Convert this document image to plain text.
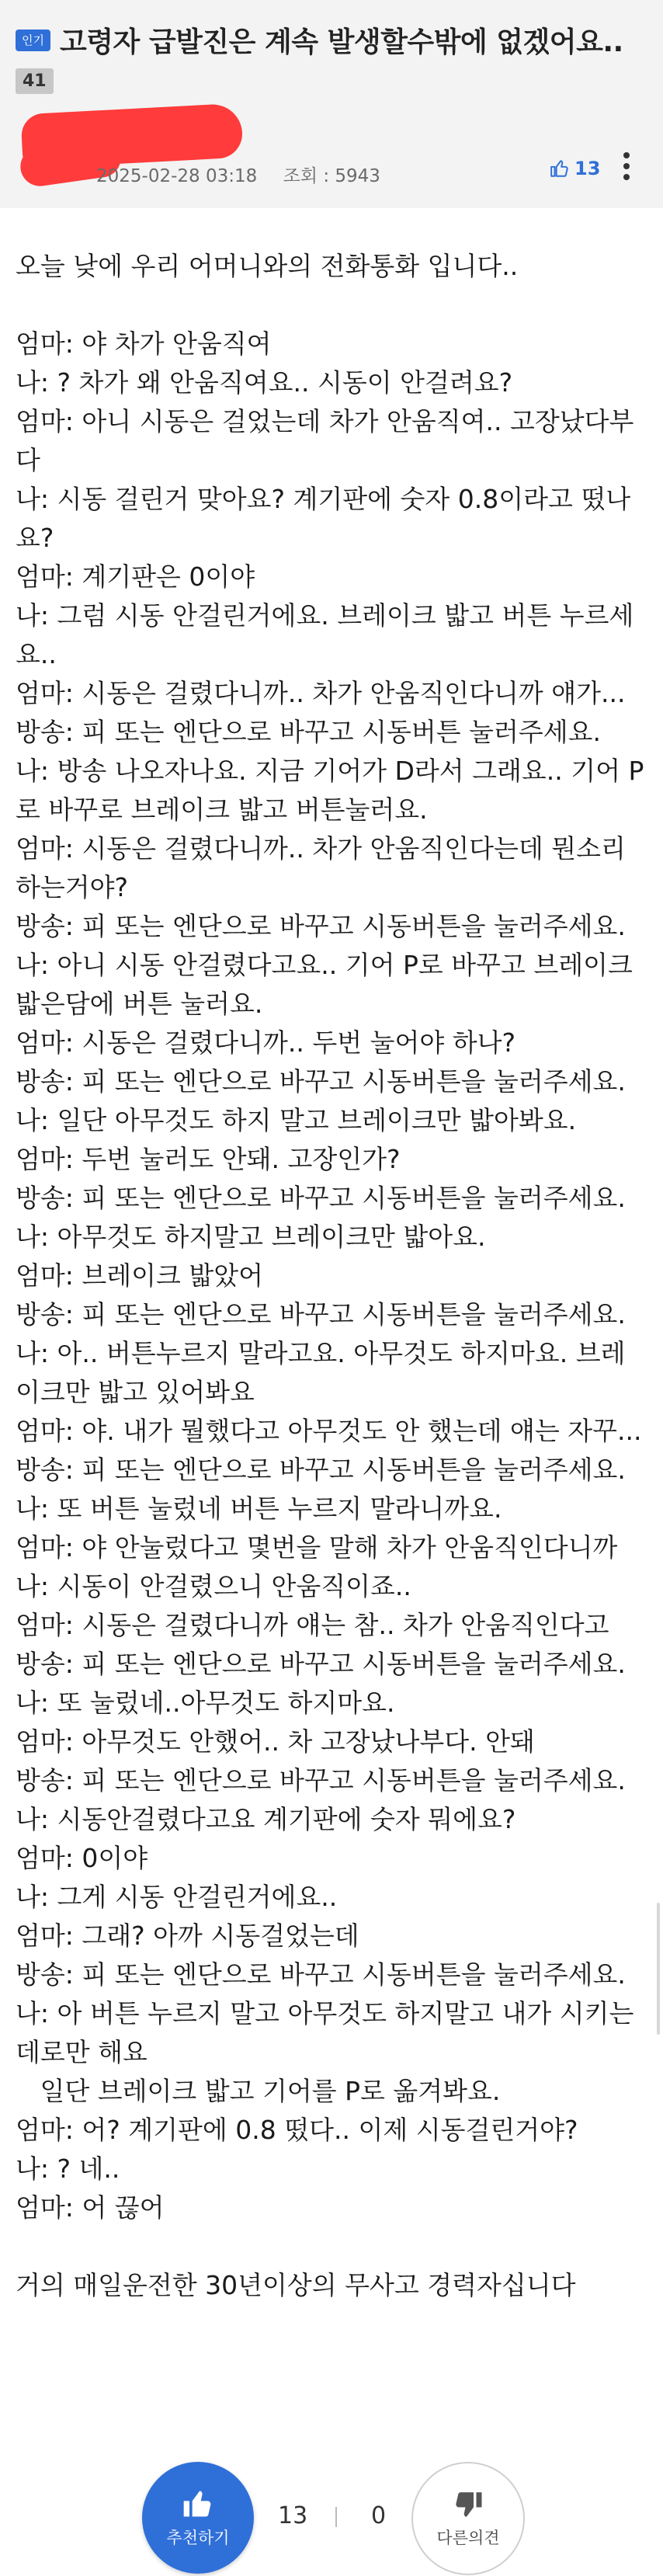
인기 고령자 급발진은 계속 발생할수밖에 없겠어요..
41
2025-02-28 03:18 조회 : 5943	13
오늘 낮에 우리 어머니와의 전화통화 입니다..
엄마: 야 차가 안움직여
나: ? 차가 왜 안움직여요.. 시동이 안걸려요?
엄마: 아니 시동은 걸었는데 차가 안움직여.. 고장났다부다
나: 시동 걸린거 맞아요? 계기판에 숫자 0.8이라고 떴나요?
엄마: 계기판은 0이야
나: 그럼 시동 안걸린거에요. 브레이크 밟고 버튼 누르세요..
엄마: 시동은 걸렸다니까.. 차가 안움직인다니까 얘가...
방송: 피 또는 엔단으로 바꾸고 시동버튼 눌러주세요.
나: 방송 나오자나요. 지금 기어가 D라서 그래요.. 기어 P로 바꾸로 브레이크 밟고 버튼눌러요.
엄마: 시동은 걸렸다니까.. 차가 안움직인다는데 뭔소리하는거야?
방송: 피 또는 엔단으로 바꾸고 시동버튼을 눌러주세요.
나: 아니 시동 안걸렸다고요.. 기어 P로 바꾸고 브레이크 밟은담에 버튼 눌러요.
엄마: 시동은 걸렸다니까.. 두번 눌어야 하나?
방송: 피 또는 엔단으로 바꾸고 시동버튼을 눌러주세요.
나: 일단 아무것도 하지 말고 브레이크만 밟아봐요.
엄마: 두번 눌러도 안돼. 고장인가?
방송: 피 또는 엔단으로 바꾸고 시동버튼을 눌러주세요.
나: 아무것도 하지말고 브레이크만 밟아요.
엄마: 브레이크 밟았어
방송: 피 또는 엔단으로 바꾸고 시동버튼을 눌러주세요.
나: 아.. 버튼누르지 말라고요. 아무것도 하지마요. 브레이크만 밟고 있어봐요
엄마: 야. 내가 뭘했다고 아무것도 안 했는데 얘는 자꾸...
방송: 피 또는 엔단으로 바꾸고 시동버튼을 눌러주세요.
나: 또 버튼 눌렀네 버튼 누르지 말라니까요.
엄마: 야 안눌렀다고 몇번을 말해 차가 안움직인다니까
나: 시동이 안걸렸으니 안움직이죠..
엄마: 시동은 걸렸다니까 얘는 참.. 차가 안움직인다고
방송: 피 또는 엔단으로 바꾸고 시동버튼을 눌러주세요.
나: 또 눌렀네..아무것도 하지마요.
엄마: 아무것도 안했어.. 차 고장났나부다. 안돼
방송: 피 또는 엔단으로 바꾸고 시동버튼을 눌러주세요.
나: 시동안걸렸다고요 계기판에 숫자 뭐에요?
엄마: 0이야
나: 그게 시동 안걸린거에요..
엄마: 그래? 아까 시동걸었는데
방송: 피 또는 엔단으로 바꾸고 시동버튼을 눌러주세요.
나: 아 버튼 누르지 말고 아무것도 하지말고 내가 시키는데로만 해요
일단 브레이크 밟고 기어를 P로 옮겨봐요.
엄마: 어? 계기판에 0.8 떴다.. 이제 시동걸린거야?
나: ? 네..
엄마: 어 끊어
거의 매일운전한 30년이상의 무사고 경력자십니다
추천하기
13	0
다른의견
